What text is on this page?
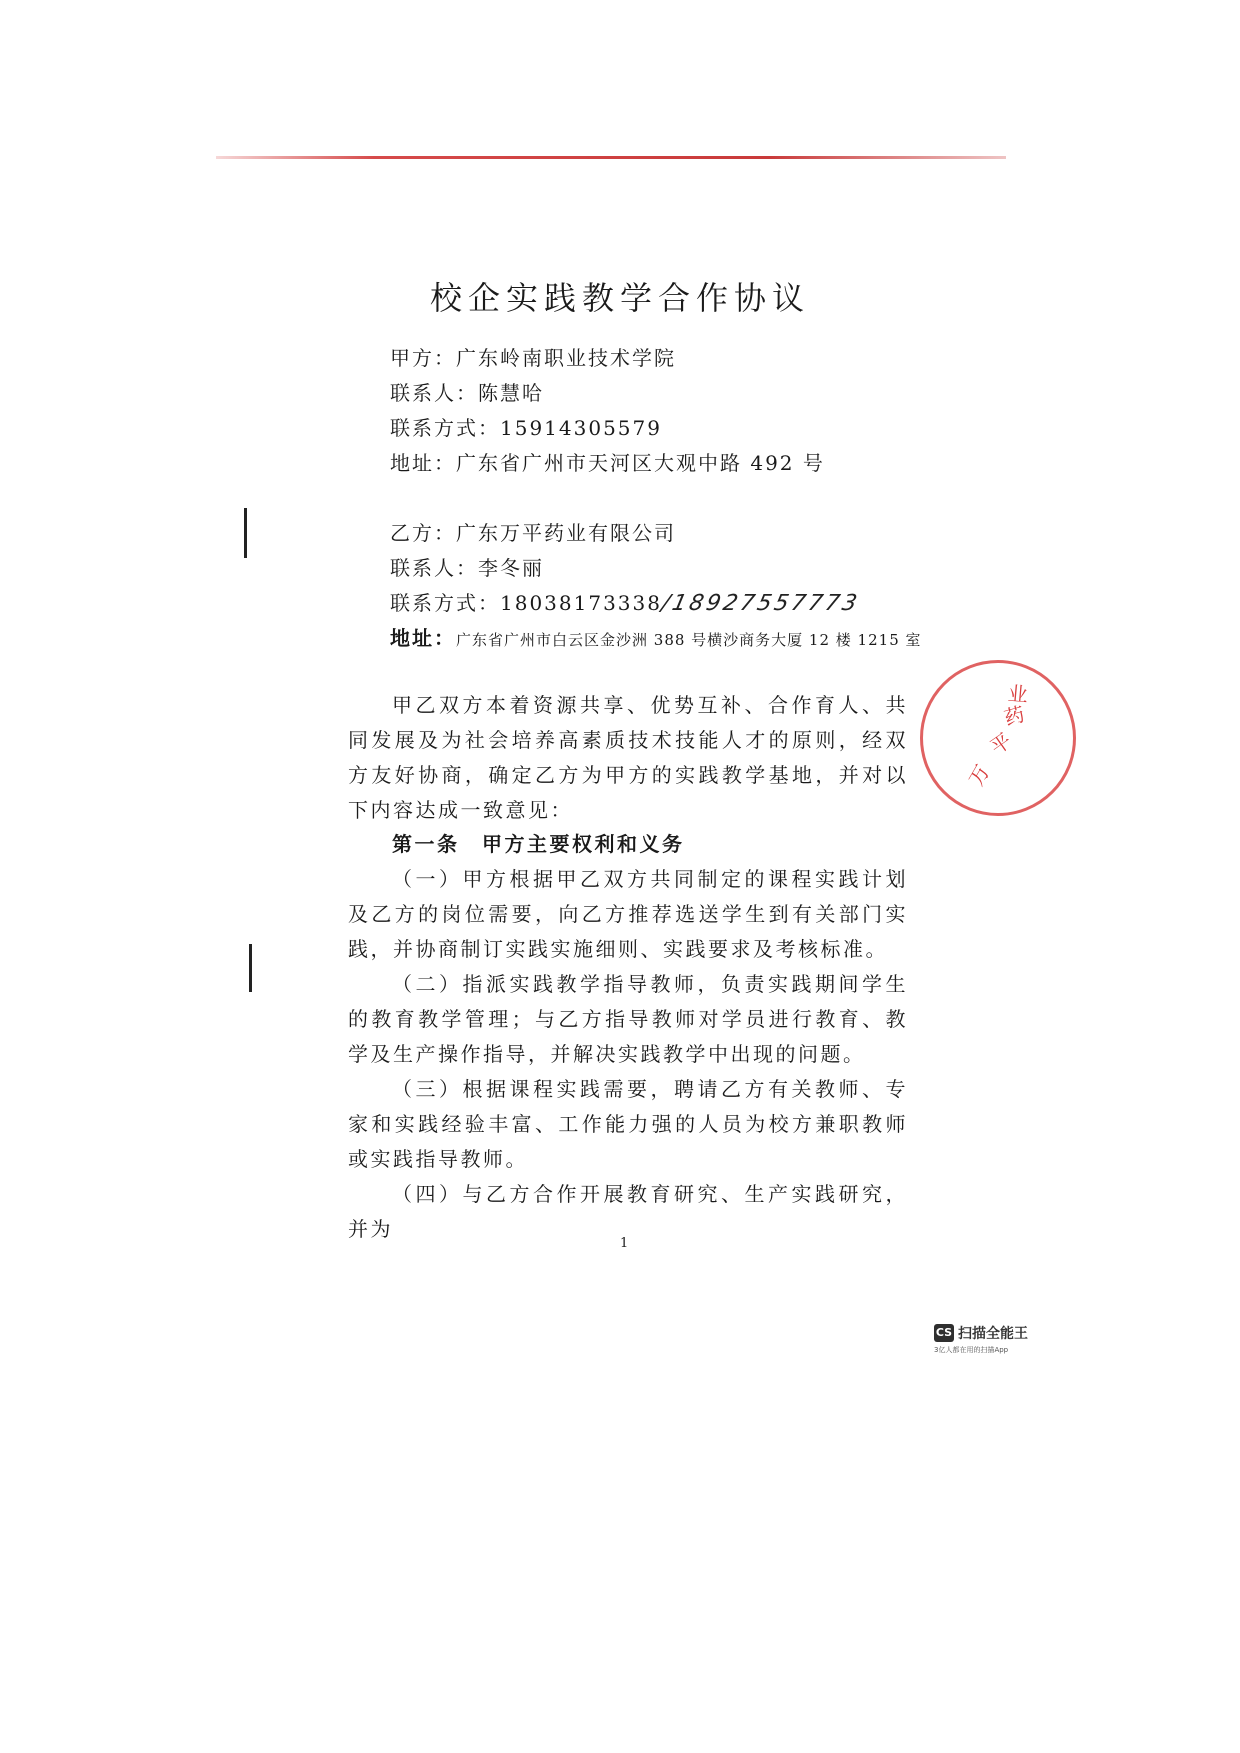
校企实践教学合作协议
甲方：广东岭南职业技术学院
联系人：陈慧哈
联系方式：15914305579
地址：广东省广州市天河区大观中路 492 号
乙方：广东万平药业有限公司
联系人：李冬丽
联系方式：18038173338/18927557773
地址：广东省广州市白云区金沙洲 388 号横沙商务大厦 12 楼 1215 室
甲乙双方本着资源共享、优势互补、合作育人、共同发展及为社会培养高素质技术技能人才的原则，经双方友好协商，确定乙方为甲方的实践教学基地，并对以下内容达成一致意见：
第一条　甲方主要权利和义务
（一）甲方根据甲乙双方共同制定的课程实践计划及乙方的岗位需要，向乙方推荐选送学生到有关部门实践，并协商制订实践实施细则、实践要求及考核标准。
（二）指派实践教学指导教师，负责实践期间学生的教育教学管理；与乙方指导教师对学员进行教育、教学及生产操作指导，并解决实践教学中出现的问题。
（三）根据课程实践需要，聘请乙方有关教师、专家和实践经验丰富、工作能力强的人员为校方兼职教师或实践指导教师。
（四）与乙方合作开展教育研究、生产实践研究，并为
1
万
平
药
业
CS 扫描全能王
3亿人都在用的扫描App
